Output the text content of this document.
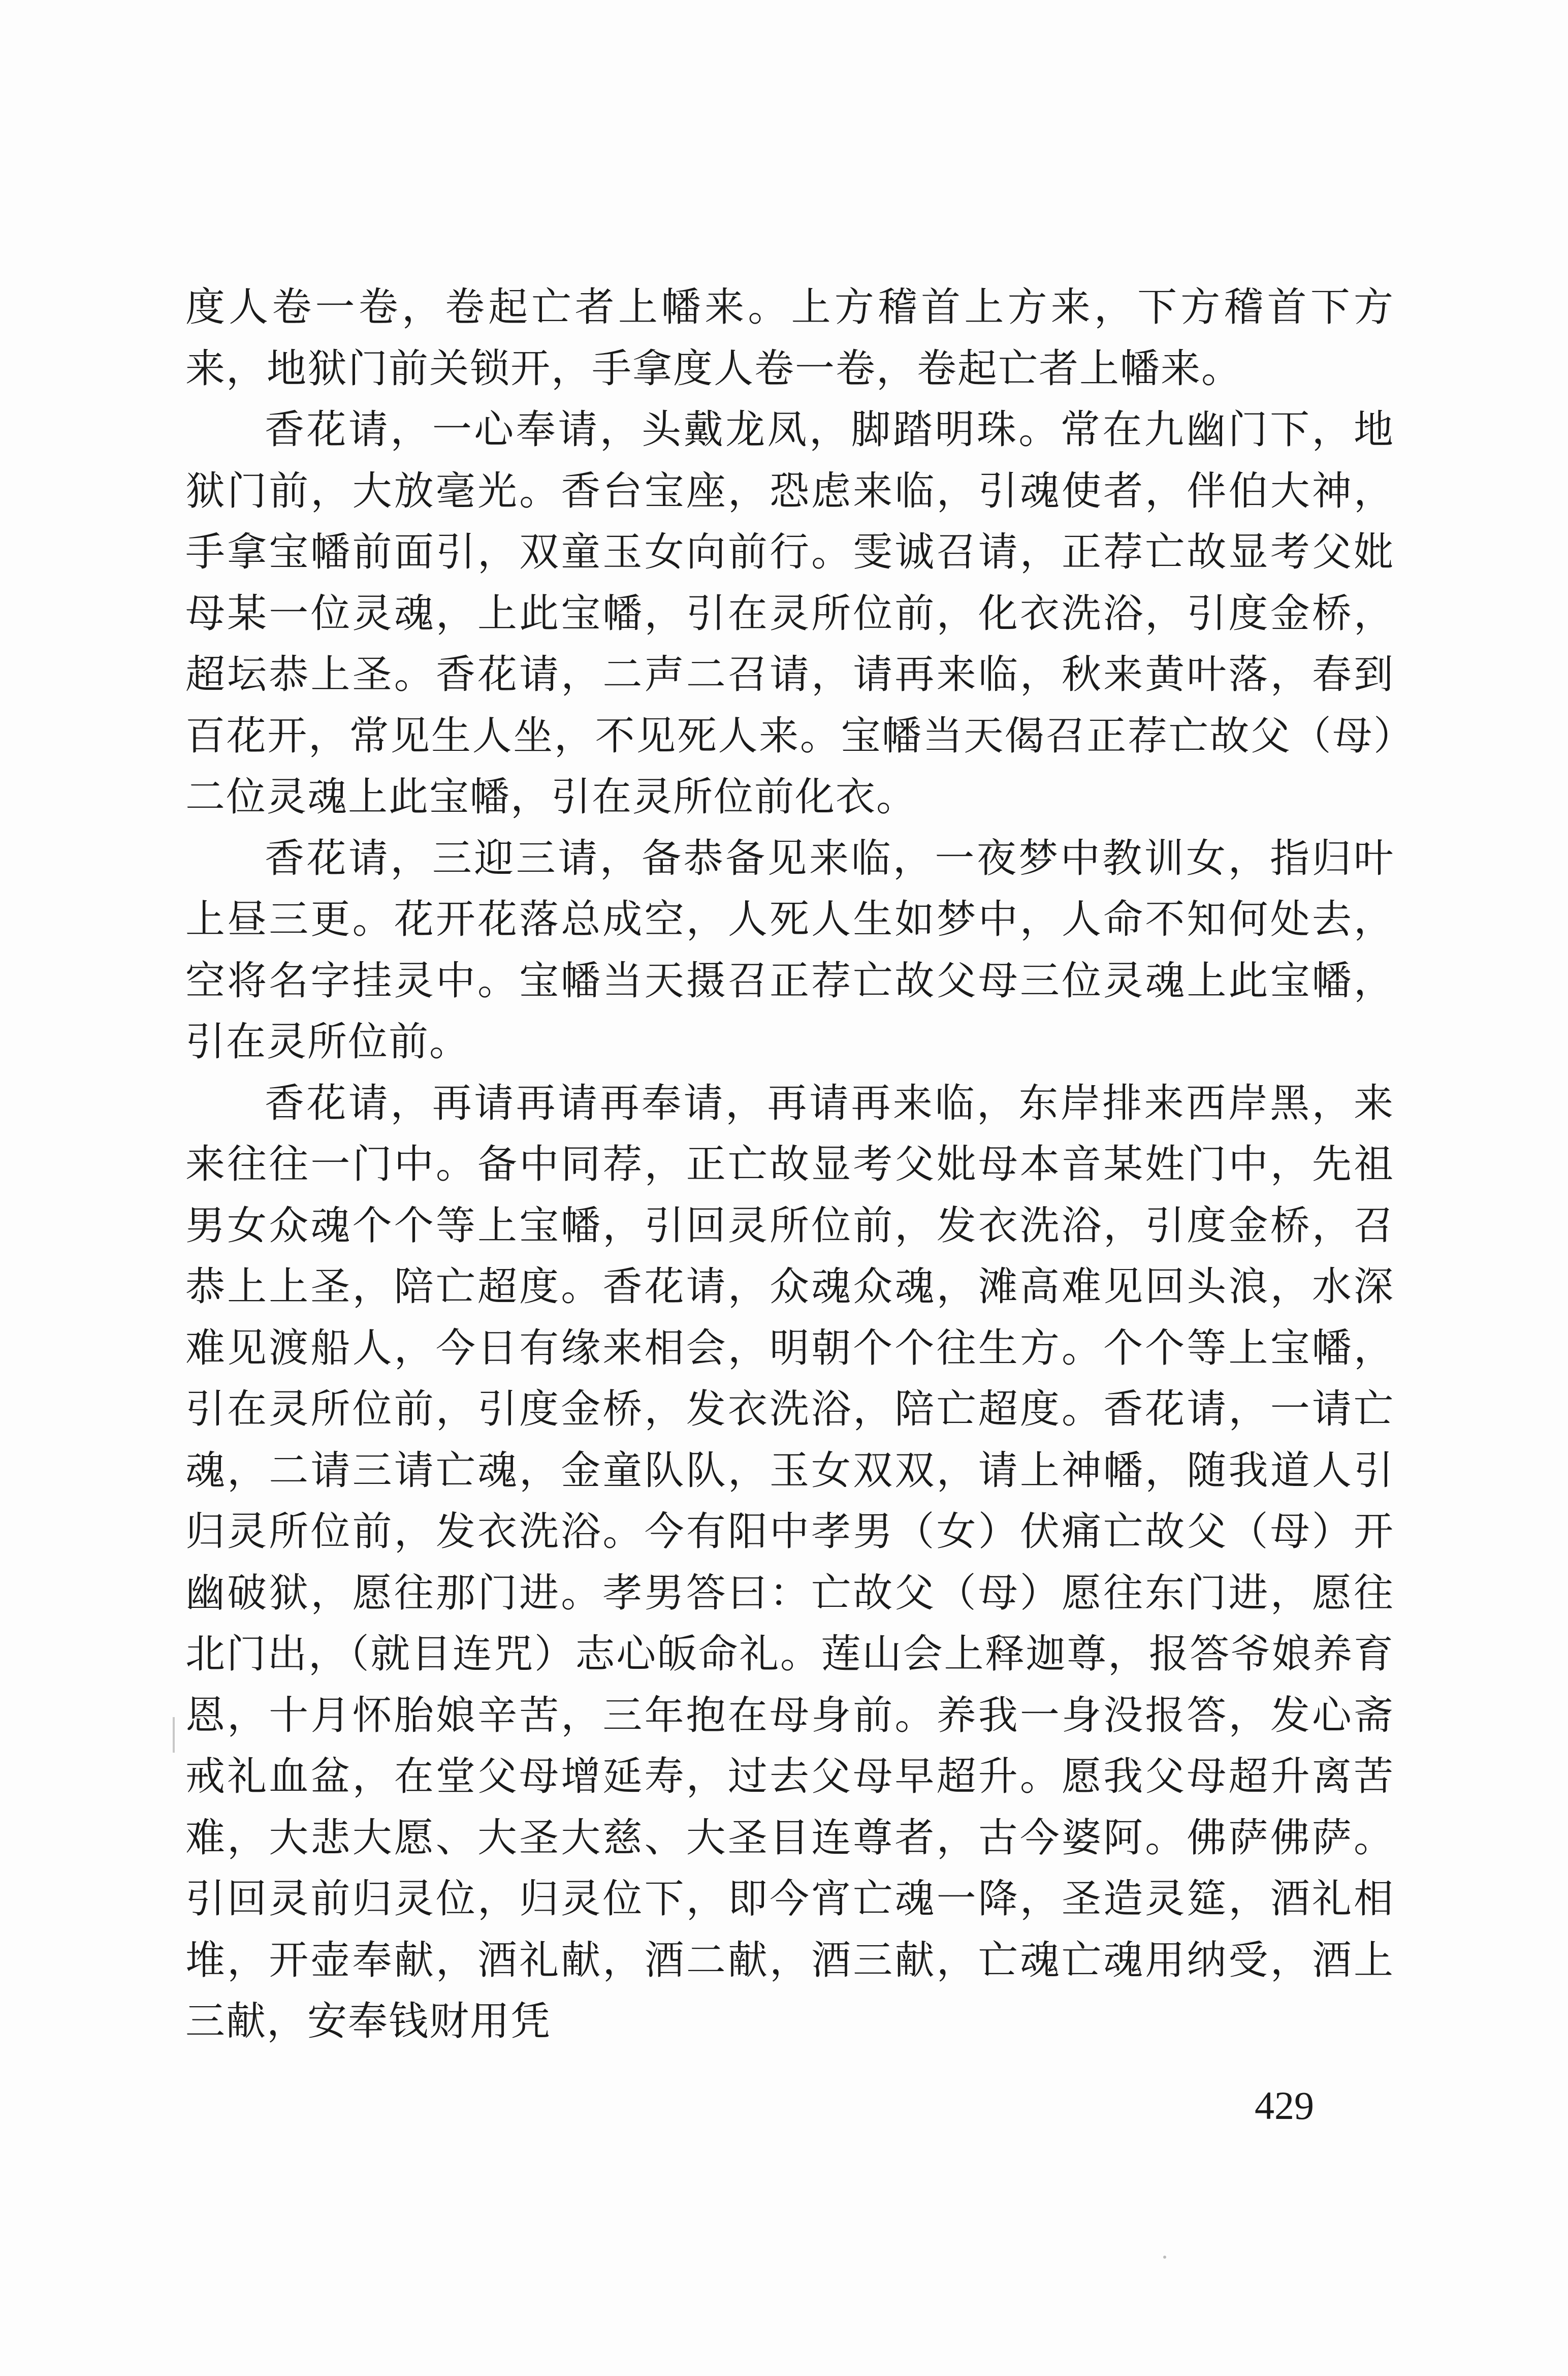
度人卷一卷，卷起亡者上幡来。上方稽首上方来，下方稽首下方来，地狱门前关锁开，手拿度人卷一卷，卷起亡者上幡来。

香花请，一心奉请，头戴龙凤，脚踏明珠。常在九幽门下，地狱门前，大放毫光。香台宝座，恐虑来临，引魂使者，伴伯大神，手拿宝幡前面引，双童玉女向前行。雯诚召请，正荐亡故显考父妣母某一位灵魂，上此宝幡，引在灵所位前，化衣洗浴，引度金桥，超坛恭上圣。香花请，二声二召请，请再来临，秋来黄叶落，春到百花开，常见生人坐，不见死人来。宝幡当天偈召正荐亡故父（母）二位灵魂上此宝幡，引在灵所位前化衣。

香花请，三迎三请，备恭备见来临，一夜梦中教训女，指归叶上昼三更。花开花落总成空，人死人生如梦中，人命不知何处去，空将名字挂灵中。宝幡当天摄召正荐亡故父母三位灵魂上此宝幡，引在灵所位前。

香花请，再请再请再奉请，再请再来临，东岸排来西岸黑，来来往往一门中。备中同荐，正亡故显考父妣母本音某姓门中，先祖男女众魂个个等上宝幡，引回灵所位前，发衣洗浴，引度金桥，召恭上上圣，陪亡超度。香花请，众魂众魂，滩高难见回头浪，水深难见渡船人，今日有缘来相会，明朝个个往生方。个个等上宝幡，引在灵所位前，引度金桥，发衣洗浴，陪亡超度。香花请，一请亡魂，二请三请亡魂，金童队队，玉女双双，请上神幡，随我道人引归灵所位前，发衣洗浴。今有阳中孝男（女）伏痛亡故父（母）开幽破狱，愿往那门进。孝男答曰：亡故父（母）愿往东门进，愿往北门出，（就目连咒）志心皈命礼。莲山会上释迦尊，报答爷娘养育恩，十月怀胎娘辛苦，三年抱在母身前。养我一身没报答，发心斋戒礼血盆，在堂父母增延寿，过去父母早超升。愿我父母超升离苦难，大悲大愿、大圣大慈、大圣目连尊者，古今婆阿。佛萨佛萨。引回灵前归灵位，归灵位下，即今宵亡魂一降，圣造灵筵，酒礼相堆，开壶奉献，酒礼献，酒二献，酒三献，亡魂亡魂用纳受，酒上三献，安奉钱财用凭

429
